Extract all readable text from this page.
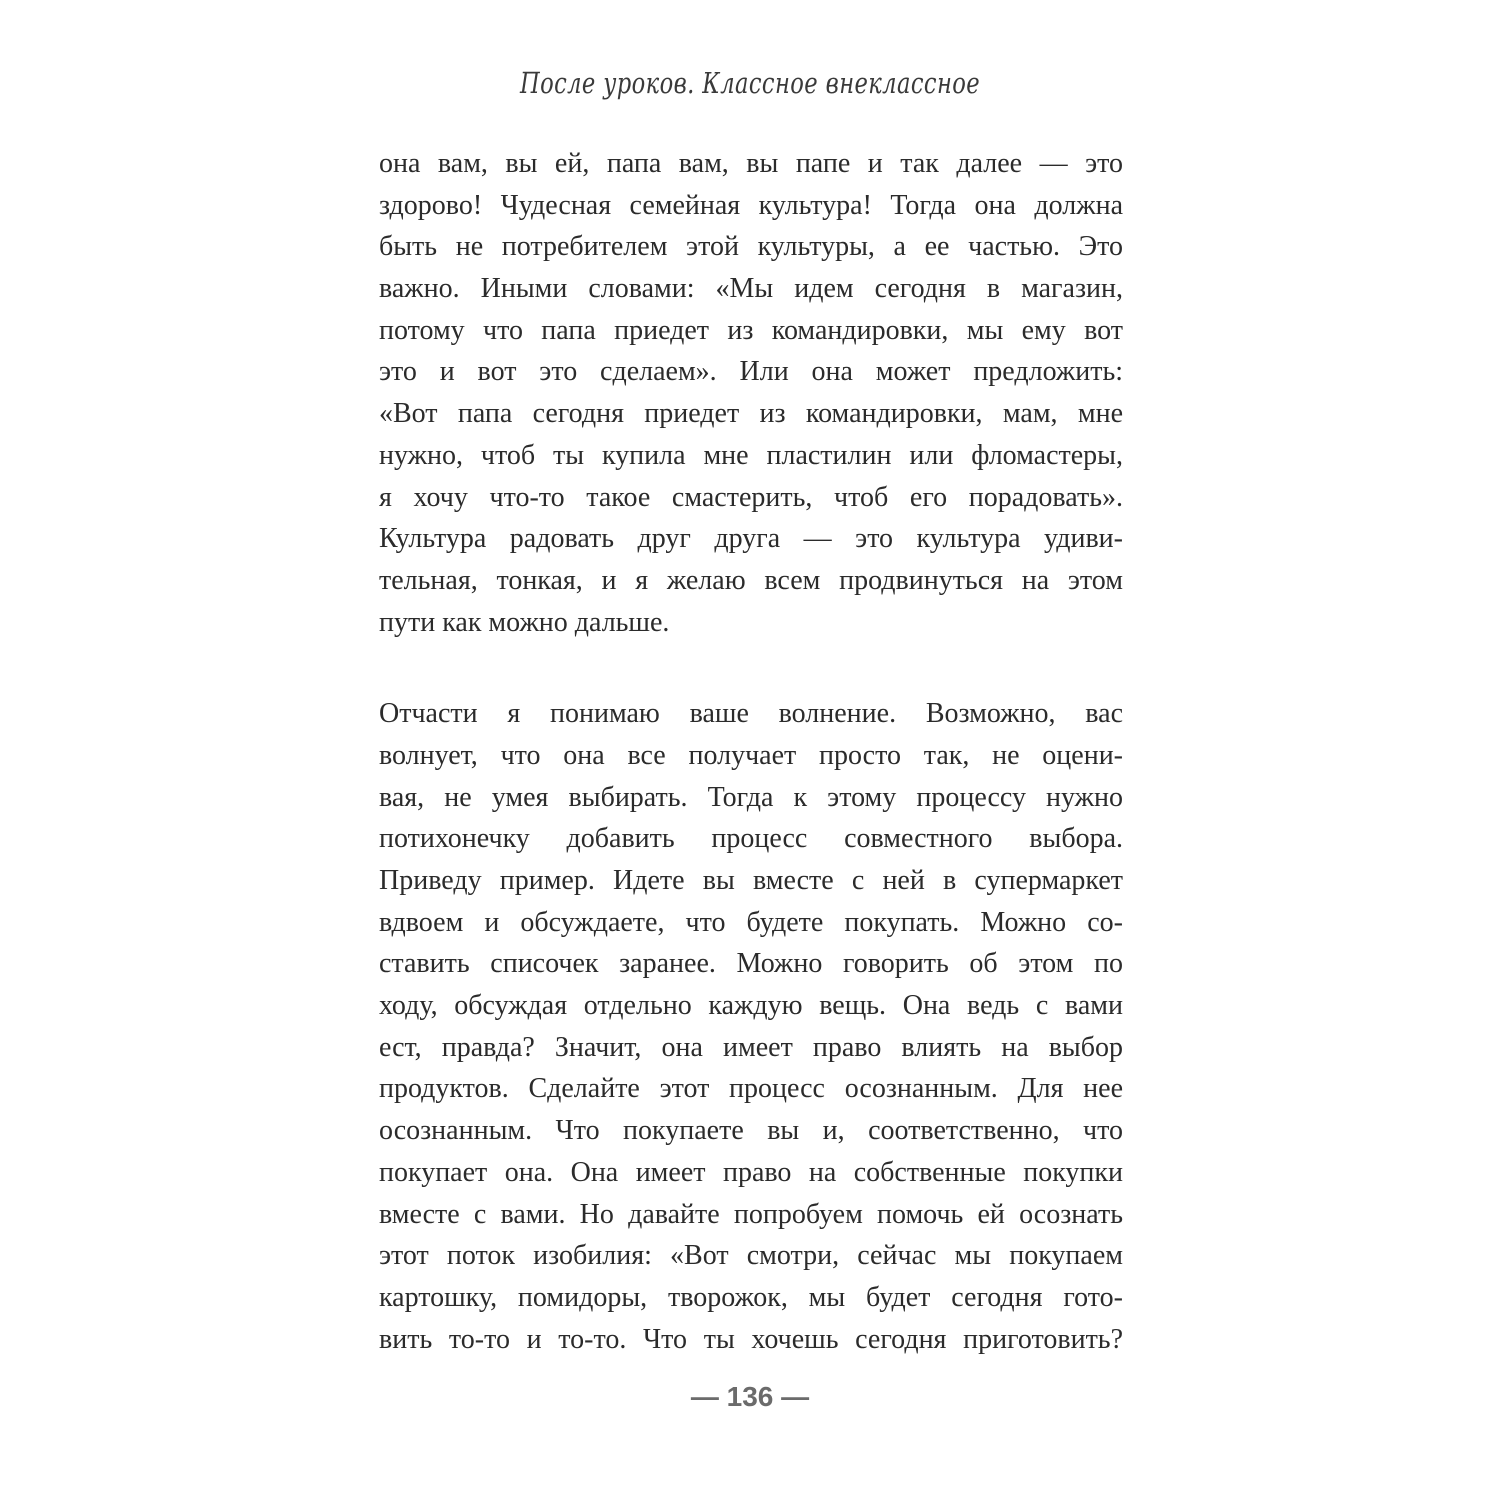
После уроков. Классное внеклассное
она вам, вы ей, папа вам, вы папе и так далее — это
здорово! Чудесная семейная культура! Тогда она должна
быть не потребителем этой культуры, а ее частью. Это
важно. Иными словами: «Мы идем сегодня в магазин,
потому что папа приедет из командировки, мы ему вот
это и вот это сделаем». Или она может предложить:
«Вот папа сегодня приедет из командировки, мам, мне
нужно, чтоб ты купила мне пластилин или фломастеры,
я хочу что-то такое смастерить, чтоб его порадовать».
Культура радовать друг друга — это культура удиви-
тельная, тонкая, и я желаю всем продвинуться на этом
пути как можно дальше.
Отчасти я понимаю ваше волнение. Возможно, вас
волнует, что она все получает просто так, не оцени-
вая, не умея выбирать. Тогда к этому процессу нужно
потихонечку добавить процесс совместного выбора.
Приведу пример. Идете вы вместе с ней в супермаркет
вдвоем и обсуждаете, что будете покупать. Можно со-
ставить списочек заранее. Можно говорить об этом по
ходу, обсуждая отдельно каждую вещь. Она ведь с вами
ест, правда? Значит, она имеет право влиять на выбор
продуктов. Сделайте этот процесс осознанным. Для нее
осознанным. Что покупаете вы и, соответственно, что
покупает она. Она имеет право на собственные покупки
вместе с вами. Но давайте попробуем помочь ей осознать
этот поток изобилия: «Вот смотри, сейчас мы покупаем
картошку, помидоры, творожок, мы будет сегодня гото-
вить то-то и то-то. Что ты хочешь сегодня приготовить?
— 136 —
